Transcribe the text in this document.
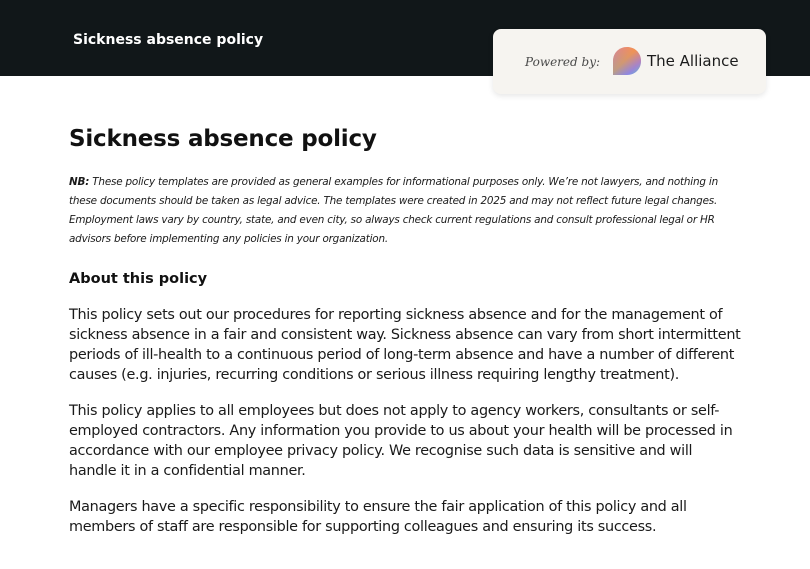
Sickness absence policy
Powered by:	The Alliance
Sickness absence policy

NB: These policy templates are provided as general examples for informational purposes only. We’re not lawyers, and nothing in these documents should be taken as legal advice. The templates were created in 2025 and may not reflect future legal changes. Employment laws vary by country, state, and even city, so always check current regulations and consult professional legal or HR advisors before implementing any policies in your organization.

About this policy

This policy sets out our procedures for reporting sickness absence and for the management of sickness absence in a fair and consistent way. Sickness absence can vary from short intermittent periods of ill-health to a continuous period of long-term absence and have a number of different causes (e.g. injuries, recurring conditions or serious illness requiring lengthy treatment).

This policy applies to all employees but does not apply to agency workers, consultants or self-employed contractors. Any information you provide to us about your health will be processed in accordance with our employee privacy policy. We recognise such data is sensitive and will handle it in a confidential manner.

Managers have a specific responsibility to ensure the fair application of this policy and all members of staff are responsible for supporting colleagues and ensuring its success.
